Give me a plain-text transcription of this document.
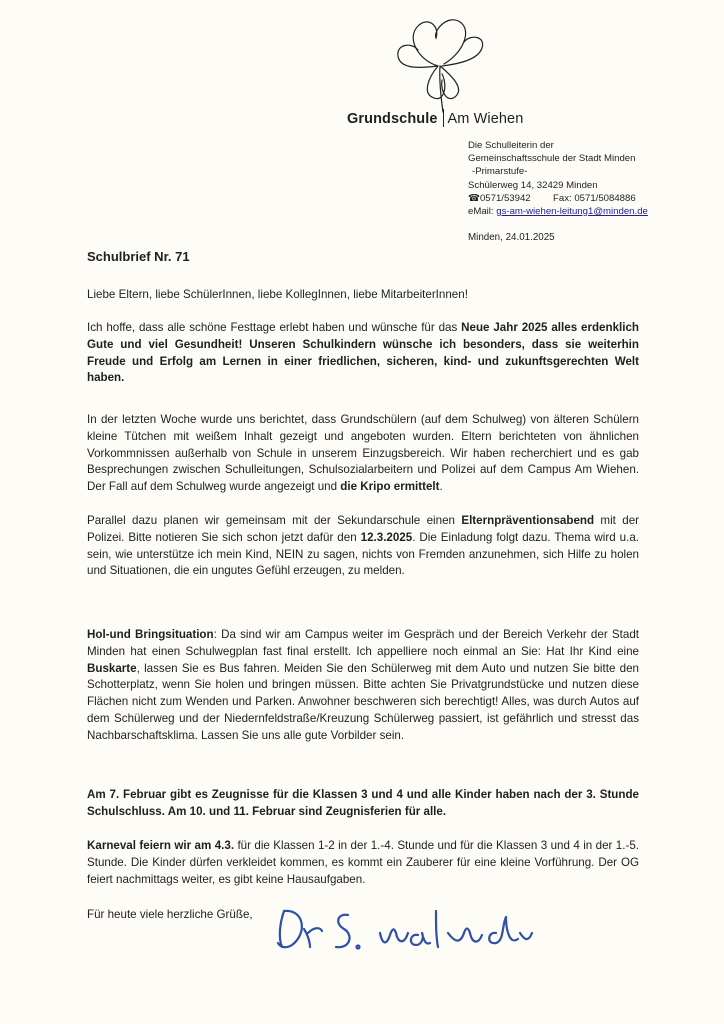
Grundschule Am Wiehen
Die Schulleiterin der
Gemeinschaftsschule der Stadt Minden
-Primarstufe-
Schülerweg 14, 32429 Minden
☎0571/53942 Fax: 0571/5084886
eMail: gs-am-wiehen-leitung1@minden.de
Minden, 24.01.2025
Schulbrief Nr. 71

Liebe Eltern, liebe SchülerInnen, liebe KollegInnen, liebe MitarbeiterInnen!

Ich hoffe, dass alle schöne Festtage erlebt haben und wünsche für das Neue Jahr 2025 alles erdenklich Gute und viel Gesundheit! Unseren Schulkindern wünsche ich besonders, dass sie weiterhin Freude und Erfolg am Lernen in einer friedlichen, sicheren, kind- und zukunftsgerechten Welt haben.

In der letzten Woche wurde uns berichtet, dass Grundschülern (auf dem Schulweg) von älteren Schülern kleine Tütchen mit weißem Inhalt gezeigt und angeboten wurden. Eltern berichteten von ähnlichen Vorkommnissen außerhalb von Schule in unserem Einzugsbereich. Wir haben recherchiert und es gab Besprechungen zwischen Schulleitungen, Schulsozialarbeitern und Polizei auf dem Campus Am Wiehen. Der Fall auf dem Schulweg wurde angezeigt und die Kripo ermittelt.

Parallel dazu planen wir gemeinsam mit der Sekundarschule einen Elternpräventionsabend mit der Polizei. Bitte notieren Sie sich schon jetzt dafür den 12.3.2025. Die Einladung folgt dazu. Thema wird u.a. sein, wie unterstütze ich mein Kind, NEIN zu sagen, nichts von Fremden anzunehmen, sich Hilfe zu holen und Situationen, die ein ungutes Gefühl erzeugen, zu melden.

Hol-und Bringsituation: Da sind wir am Campus weiter im Gespräch und der Bereich Verkehr der Stadt Minden hat einen Schulwegplan fast final erstellt. Ich appelliere noch einmal an Sie: Hat Ihr Kind eine Buskarte, lassen Sie es Bus fahren. Meiden Sie den Schülerweg mit dem Auto und nutzen Sie bitte den Schotterplatz, wenn Sie holen und bringen müssen. Bitte achten Sie Privatgrundstücke und nutzen diese Flächen nicht zum Wenden und Parken. Anwohner beschweren sich berechtigt! Alles, was durch Autos auf dem Schülerweg und der Niedernfeldstraße/Kreuzung Schülerweg passiert, ist gefährlich und stresst das Nachbarschaftsklima. Lassen Sie uns alle gute Vorbilder sein.

Am 7. Februar gibt es Zeugnisse für die Klassen 3 und 4 und alle Kinder haben nach der 3. Stunde Schulschluss. Am 10. und 11. Februar sind Zeugnisferien für alle.

Karneval feiern wir am 4.3. für die Klassen 1-2 in der 1.-4. Stunde und für die Klassen 3 und 4 in der 1.-5. Stunde. Die Kinder dürfen verkleidet kommen, es kommt ein Zauberer für eine kleine Vorführung. Der OG feiert nachmittags weiter, es gibt keine Hausaufgaben.

Für heute viele herzliche Grüße,
